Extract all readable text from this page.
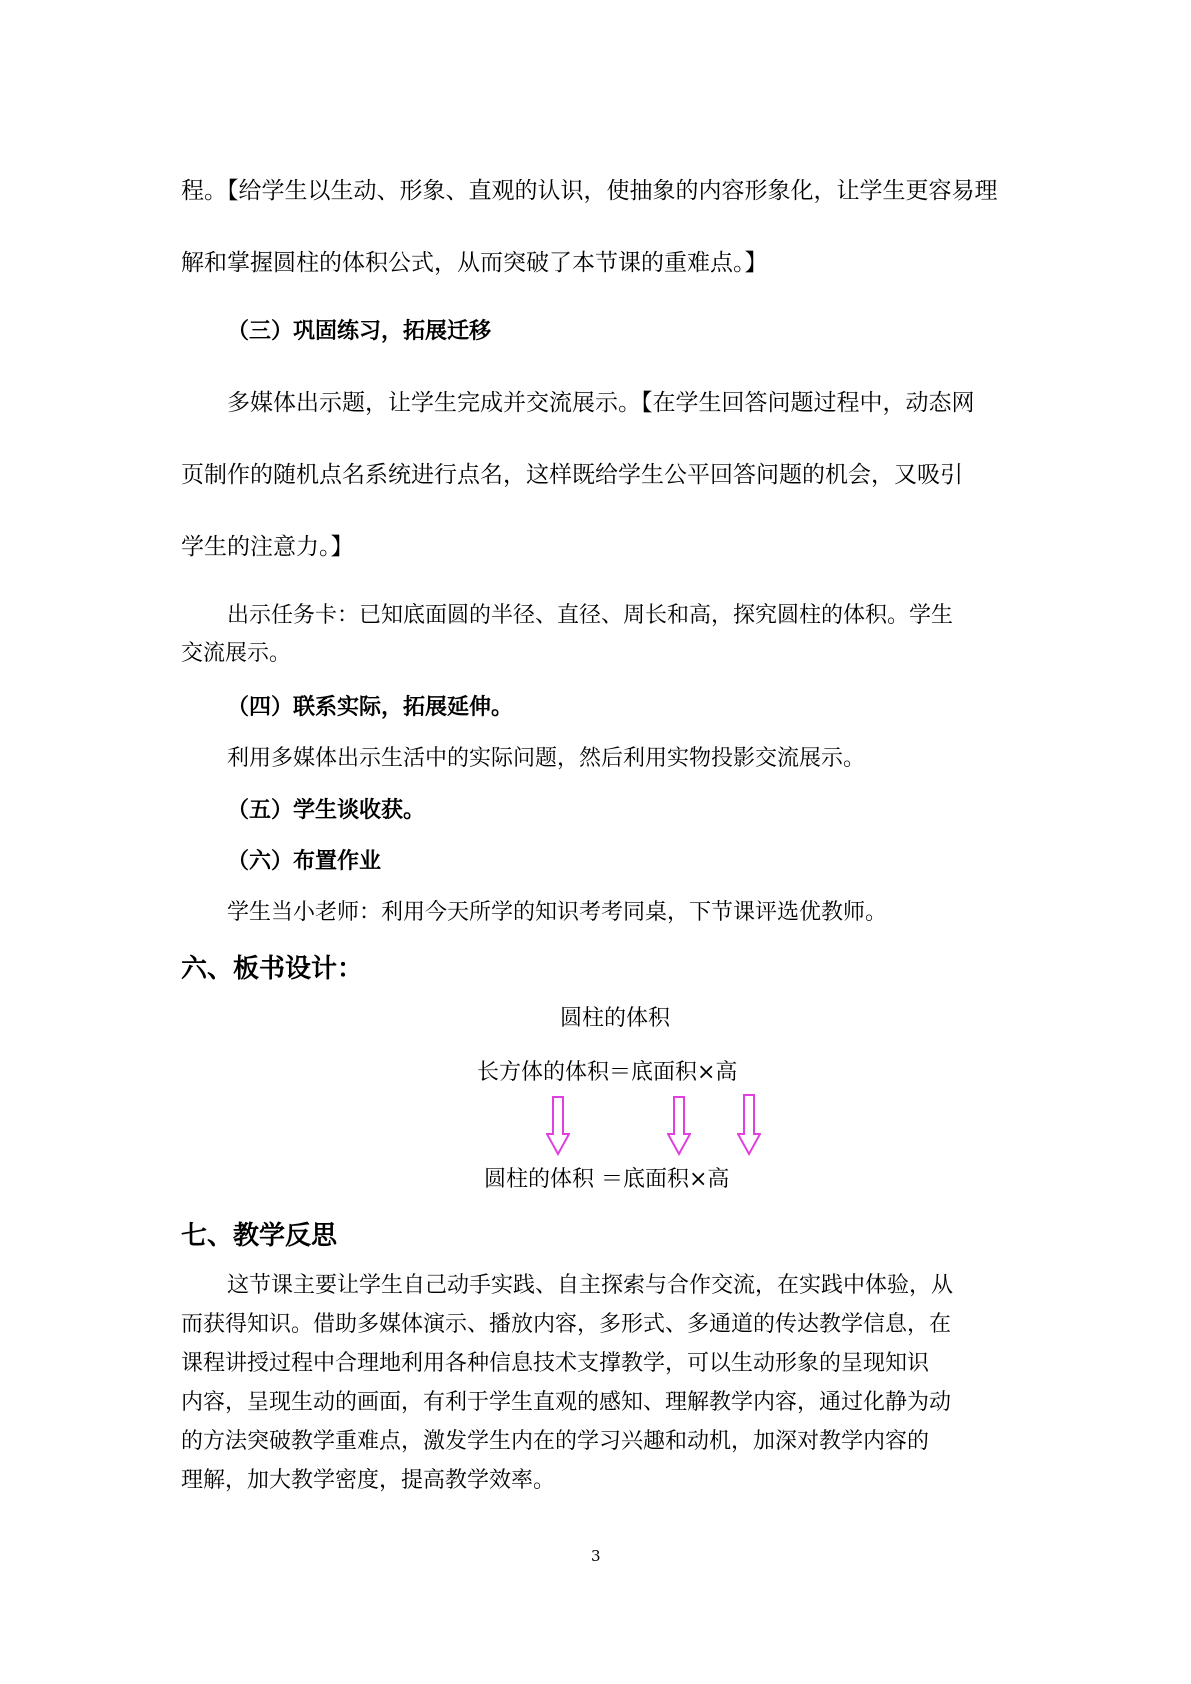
程。【给学生以生动、形象、直观的认识，使抽象的内容形象化，让学生更容易理
解和掌握圆柱的体积公式，从而突破了本节课的重难点。】
（三）巩固练习，拓展迁移
多媒体出示题，让学生完成并交流展示。【在学生回答问题过程中，动态网
页制作的随机点名系统进行点名，这样既给学生公平回答问题的机会，又吸引
学生的注意力。】
出示任务卡：已知底面圆的半径、直径、周长和高，探究圆柱的体积。学生
交流展示。
（四）联系实际，拓展延伸。
利用多媒体出示生活中的实际问题，然后利用实物投影交流展示。
（五）学生谈收获。
（六）布置作业
学生当小老师：利用今天所学的知识考考同桌，下节课评选优教师。
六、板书设计：
圆柱的体积
长方体的体积＝底面积×高
圆柱的体积 ＝底面积×高
七、教学反思
这节课主要让学生自己动手实践、自主探索与合作交流，在实践中体验，从
而获得知识。借助多媒体演示、播放内容，多形式、多通道的传达教学信息，在
课程讲授过程中合理地利用各种信息技术支撑教学，可以生动形象的呈现知识
内容，呈现生动的画面，有利于学生直观的感知、理解教学内容，通过化静为动
的方法突破教学重难点，激发学生内在的学习兴趣和动机，加深对教学内容的
理解，加大教学密度，提高教学效率。
3
